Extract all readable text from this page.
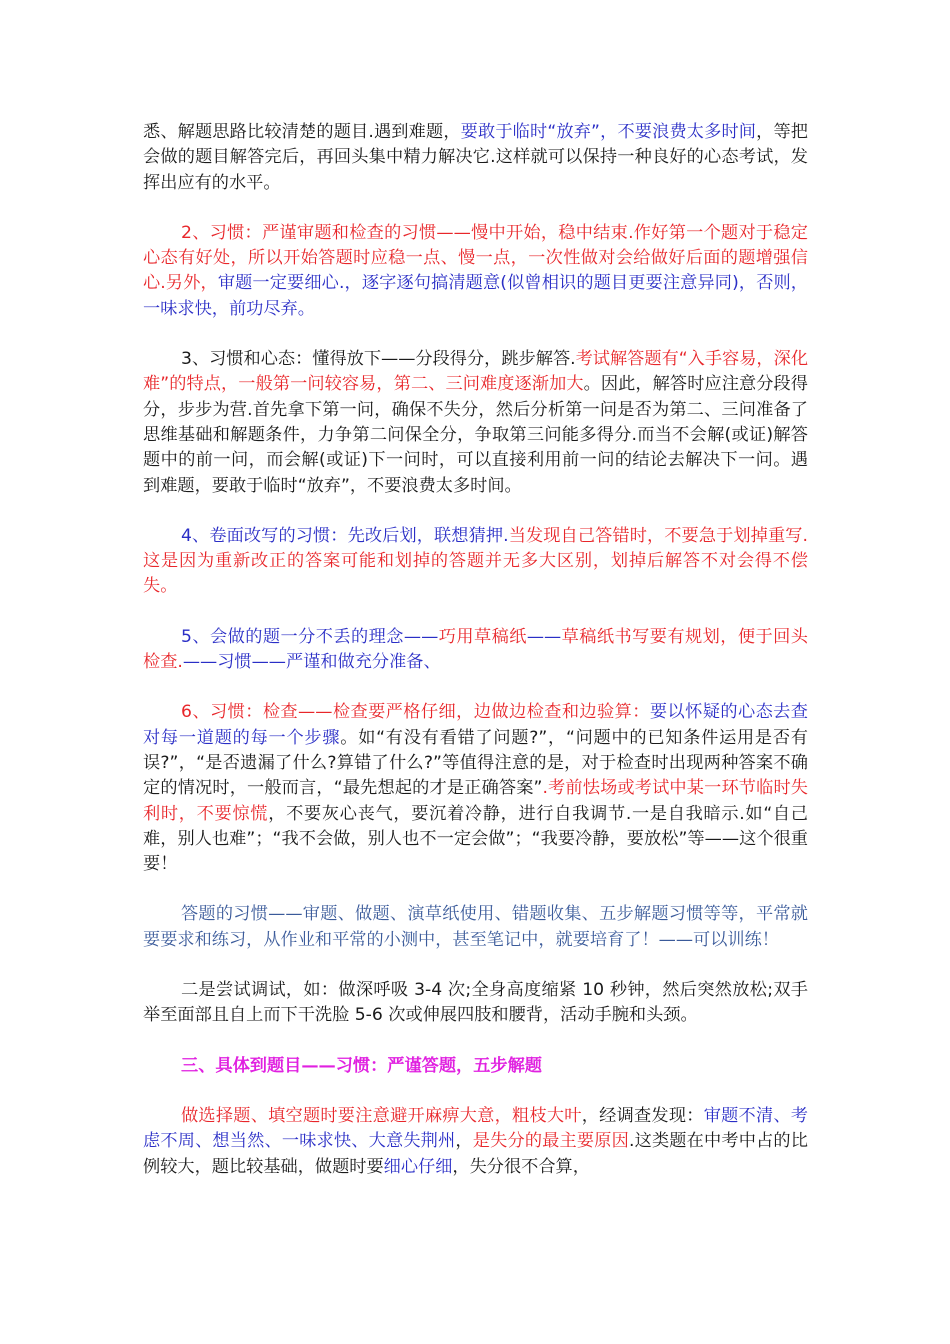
悉、解题思路比较清楚的题目.遇到难题，要敢于临时“放弃”，不要浪费太多时间，等把会做的题目解答完后，再回头集中精力解决它.这样就可以保持一种良好的心态考试，发挥出应有的水平。

2、习惯：严谨审题和检查的习惯——慢中开始，稳中结束.作好第一个题对于稳定心态有好处，所以开始答题时应稳一点、慢一点，一次性做对会给做好后面的题增强信心.另外，审题一定要细心.，逐字逐句搞清题意(似曾相识的题目更要注意异同)，否则，一味求快，前功尽弃。

3、习惯和心态：懂得放下——分段得分，跳步解答.考试解答题有“入手容易，深化难”的特点，一般第一问较容易，第二、三问难度逐渐加大。因此，解答时应注意分段得分，步步为营.首先拿下第一问，确保不失分，然后分析第一问是否为第二、三问准备了思维基础和解题条件，力争第二问保全分，争取第三问能多得分.而当不会解(或证)解答题中的前一问，而会解(或证)下一问时，可以直接利用前一问的结论去解决下一问。遇到难题，要敢于临时“放弃”，不要浪费太多时间。

4、卷面改写的习惯：先改后划，联想猜押.当发现自己答错时，不要急于划掉重写.这是因为重新改正的答案可能和划掉的答题并无多大区别，划掉后解答不对会得不偿失。

5、会做的题一分不丢的理念——巧用草稿纸——草稿纸书写要有规划，便于回头检查.——习惯——严谨和做充分准备、

6、习惯：检查——检查要严格仔细，边做边检查和边验算：要以怀疑的心态去查对每一道题的每一个步骤。如“有没有看错了问题?”，“问题中的已知条件运用是否有误?”，“是否遗漏了什么?算错了什么?”等值得注意的是，对于检查时出现两种答案不确定的情况时，一般而言，“最先想起的才是正确答案”.考前怯场或考试中某一环节临时失利时，不要惊慌，不要灰心丧气，要沉着冷静，进行自我调节.一是自我暗示.如“自己难，别人也难”；“我不会做，别人也不一定会做”；“我要冷静，要放松”等——这个很重要！

答题的习惯——审题、做题、演草纸使用、错题收集、五步解题习惯等等，平常就要要求和练习，从作业和平常的小测中，甚至笔记中，就要培育了！——可以训练！

二是尝试调试，如：做深呼吸 3-4 次;全身高度缩紧 10 秒钟，然后突然放松;双手举至面部且自上而下干洗脸 5-6 次或伸展四肢和腰背，活动手腕和头颈。

三、具体到题目——习惯：严谨答题，五步解题

做选择题、填空题时要注意避开麻痹大意，粗枝大叶，经调查发现：审题不清、考虑不周、想当然、一味求快、大意失荆州，是失分的最主要原因.这类题在中考中占的比例较大，题比较基础，做题时要细心仔细，失分很不合算，
